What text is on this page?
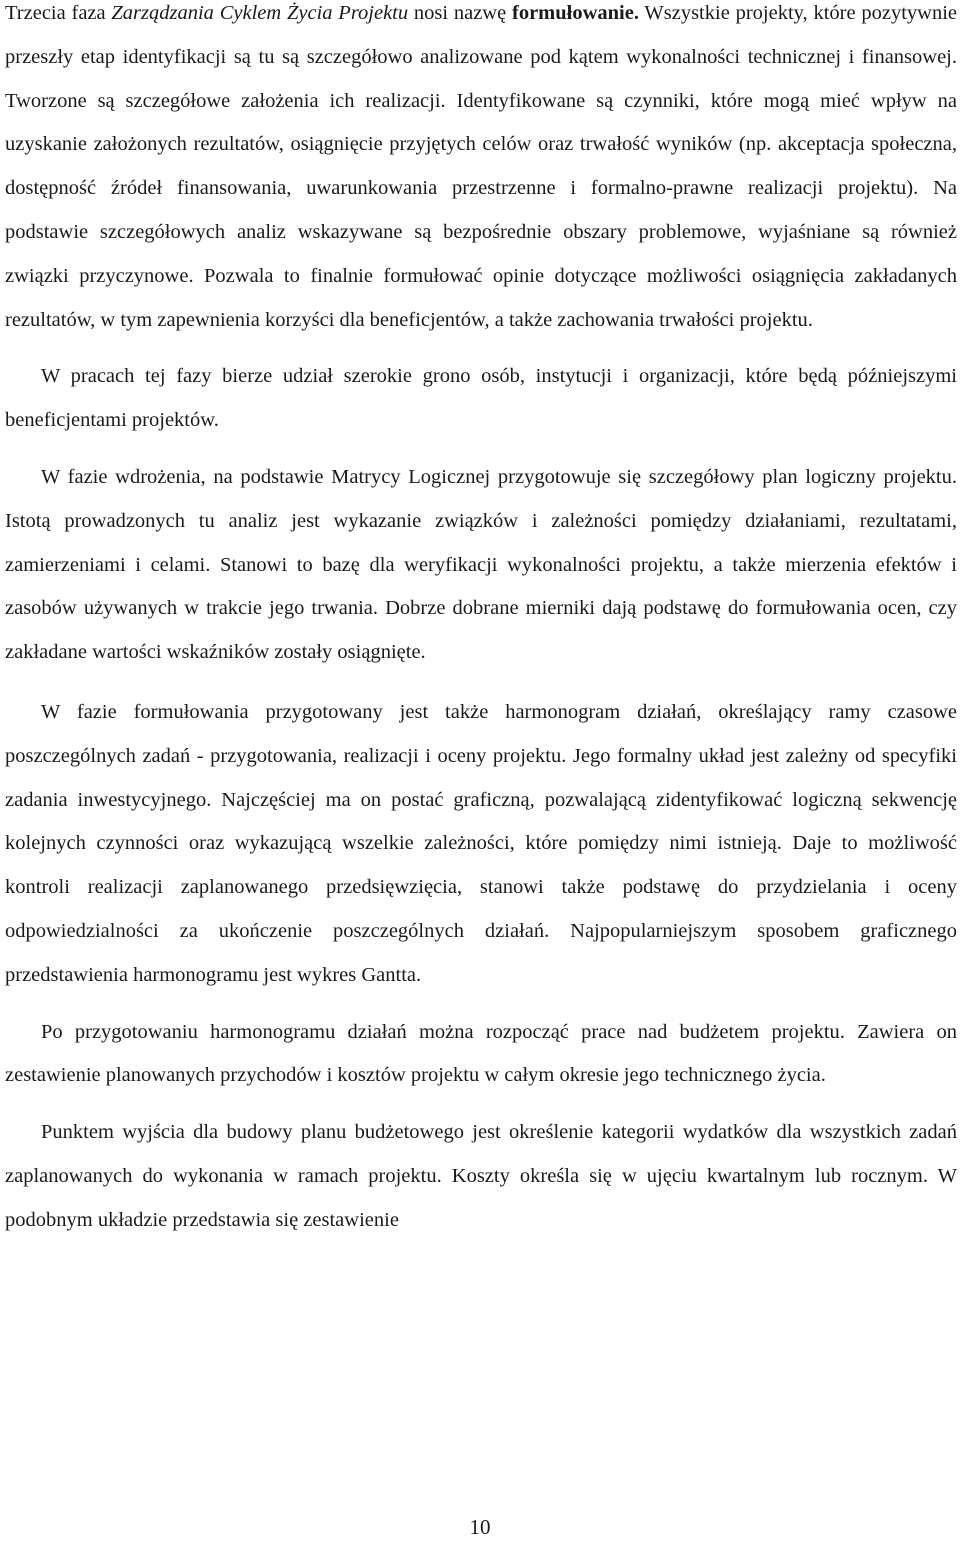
Trzecia faza Zarządzania Cyklem Życia Projektu nosi nazwę formułowanie. Wszystkie projekty, które pozytywnie przeszły etap identyfikacji są tu są szczegółowo analizowane pod kątem wykonalności technicznej i finansowej. Tworzone są szczegółowe założenia ich realizacji. Identyfikowane są czynniki, które mogą mieć wpływ na uzyskanie założonych rezultatów, osiągnięcie przyjętych celów oraz trwałość wyników (np. akceptacja społeczna, dostępność źródeł finansowania, uwarunkowania przestrzenne i formalno-prawne realizacji projektu). Na podstawie szczegółowych analiz wskazywane są bezpośrednie obszary problemowe, wyjaśniane są również związki przyczynowe. Pozwala to finalnie formułować opinie dotyczące możliwości osiągnięcia zakładanych rezultatów, w tym zapewnienia korzyści dla beneficjentów, a także zachowania trwałości projektu.

W pracach tej fazy bierze udział szerokie grono osób, instytucji i organizacji, które będą późniejszymi beneficjentami projektów.

W fazie wdrożenia, na podstawie Matrycy Logicznej przygotowuje się szczegółowy plan logiczny projektu. Istotą prowadzonych tu analiz jest wykazanie związków i zależności pomiędzy działaniami, rezultatami, zamierzeniami i celami. Stanowi to bazę dla weryfikacji wykonalności projektu, a także mierzenia efektów i zasobów używanych w trakcie jego trwania. Dobrze dobrane mierniki dają podstawę do formułowania ocen, czy zakładane wartości wskaźników zostały osiągnięte.

W fazie formułowania przygotowany jest także harmonogram działań, określający ramy czasowe poszczególnych zadań - przygotowania, realizacji i oceny projektu. Jego formalny układ jest zależny od specyfiki zadania inwestycyjnego. Najczęściej ma on postać graficzną, pozwalającą zidentyfikować logiczną sekwencję kolejnych czynności oraz wykazującą wszelkie zależności, które pomiędzy nimi istnieją. Daje to możliwość kontroli realizacji zaplanowanego przedsięwzięcia, stanowi także podstawę do przydzielania i oceny odpowiedzialności za ukończenie poszczególnych działań. Najpopularniejszym sposobem graficznego przedstawienia harmonogramu jest wykres Gantta.

Po przygotowaniu harmonogramu działań można rozpocząć prace nad budżetem projektu. Zawiera on zestawienie planowanych przychodów i kosztów projektu w całym okresie jego technicznego życia.

Punktem wyjścia dla budowy planu budżetowego jest określenie kategorii wydatków dla wszystkich zadań zaplanowanych do wykonania w ramach projektu. Koszty określa się w ujęciu kwartalnym lub rocznym. W podobnym układzie przedstawia się zestawienie

10
